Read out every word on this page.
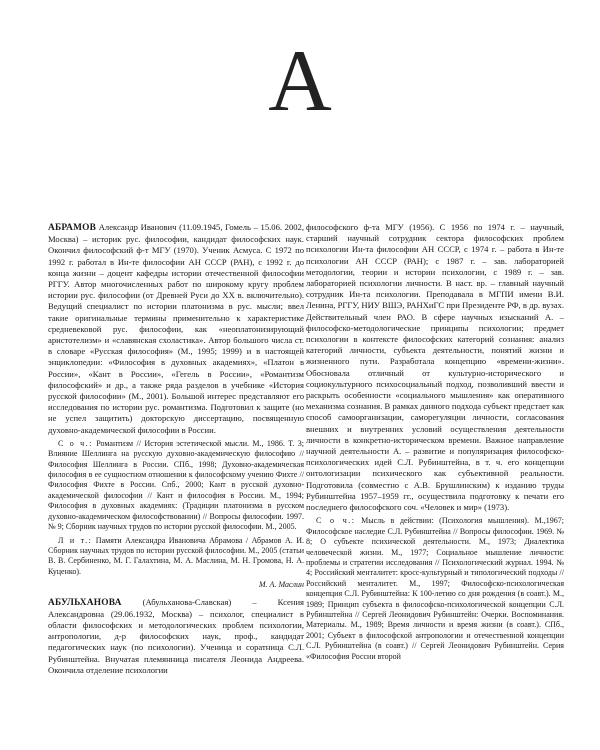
А

АБРАМОВ Александр Иванович (11.09.1945, Гомель – 15.06. 2002, Москва) – историк рус. философии, кандидат философских наук. Окончил философский ф-т МГУ (1970). Ученик Асмуса. С 1972 по 1992 г. работал в Ин-те философии АН СССР (РАН), с 1992 г. до конца жизни – доцент кафедры истории отечественной философии РГГУ. Автор многочисленных работ по широкому кругу проблем истории рус. философии (от Древней Руси до XX в. включительно). Ведущий специалист по истории платонизма в рус. мысли; ввел такие оригинальные термины применительно к характеристике средневековой рус. философии, как «неоплатонизирующий аристотелизм» и «славянская схоластика». Автор большого числа ст. в словаре «Русская философия» (М., 1995; 1999) и в настоящей энциклопедии: «Философия в духовных академиях», «Платон в России», «Кант в России», «Гегель в России», «Романтизм философский» и др., а также ряда разделов в учебнике «История русской философии» (М., 2001). Большой интерес представляют его исследования по истории рус. романтизма. Подготовил к защите (но не успел защитить) докторскую диссертацию, посвященную духовно-академической философии в России.

С о ч.: Романтизм // История эстетической мысли. М., 1986. Т. 3; Влияние Шеллинга на русскую духовно-академическую философию // Философия Шеллинга в России. СПб., 1998; Духовно-академическая философия в ее сущностном отношении к философскому учению Фихте // Философия Фихте в России. Спб., 2000; Кант в русской духовно-академической философии // Кант и философия в России. М., 1994; Философия в духовных академиях: (Традиции платонизма в русском духовно-академическом философствовании) // Вопросы философии. 1997. № 9; Сборник научных трудов по истории русской философии. М., 2005.

Л и т.: Памяти Александра Ивановича Абрамова / Абрамов А. И. Сборник научных трудов по истории русской философии. М., 2005 (статьи В. В. Сербиненко, М. Г. Галахтина, М. А. Маслина, М. Н. Громова, Н. А. Куценко).

М. А. Маслин

АБУЛЬХАНОВА (Абульханова-Славская) – Ксения Александровна (29.06.1932, Москва) – психолог, специалист в области философских и методологических проблем психологии, антропологии, д-р философских наук, проф., кандидат педагогических наук (по психологии). Ученица и соратница С.Л. Рубинштейна. Внучатая племянница писателя Леонида Андреева. Окончила отделение психологии

философского ф-та МГУ (1956). С 1956 по 1974 г. – научный, старший научный сотрудник сектора философских проблем психологии Ин-та философии АН СССР, с 1974 г. – работа в Ин-те психологии АН СССР (РАН); с 1987 г. – зав. лабораторией методологии, теории и истории психологии, с 1989 г. – зав. лабораторией психологии личности. В наст. вр. – главный научный сотрудник Ин-та психологии. Преподавала в МГПИ имени В.И. Ленина, РГГУ, НИУ ВШЭ, РАНХиГС при Президенте РФ, в др. вузах. Действительный член РАО. В сфере научных изысканий А. – философско-методологические принципы психологии; предмет психологии в контексте философских категорий сознания: анализ категорий личности, субъекта деятельности, понятий жизни и жизненного пути. Разработала концепцию «времени-жизни». Обосновала отличный от культурно-исторического и социокультурного психосоциальный подход, позволивший ввести и раскрыть особенности «социального мышления» как оперативного механизма сознания. В рамках данного подхода субъект предстает как способ самоорганизации, саморегуляции личности, согласования внешних и внутренних условий осуществления деятельности личности в конкретно-историческом времени. Важное направление научной деятельности А. – развитие и популяризация философско-психологических идей С.Л. Рубинштейна, в т. ч. его концепции онтологизации психического как субъективной реальности. Подготовила (совместно с А.В. Брушлинским) к изданию труды Рубинштейна 1957–1959 гг., осуществила подготовку к печати его последнего философского соч. «Человек и мир» (1973).

С о ч.: Мысль в действии: (Психология мышления). М.,1967; Философское наследие С.Л. Рубинштейна // Вопросы философии. 1969. № 8; О субъекте психической деятельности. М., 1973; Диалектика человеческой жизни. М., 1977; Социальное мышление личности: проблемы и стратегии исследования // Психологический журнал. 1994. № 4; Российский менталитет: кросс-культурный и типологический подходы // Российский менталитет. М., 1997; Философско-психологическая концепция С.Л. Рубинштейна: К 100-летию со дня рождения (в соавт.). М., 1989; Принцип субъекта в философско-психологической концепции С.Л. Рубинштейна // Сергей Леонидович Рубинштейн: Очерки. Воспоминания. Материалы. М., 1989; Время личности и время жизни (в соавт.). СПб., 2001; Субъект в философской антропологии и отечественной концепции С.Л. Рубинштейна (в соавт.) // Сергей Леонидович Рубинштейн. Серия «Философия России второй
